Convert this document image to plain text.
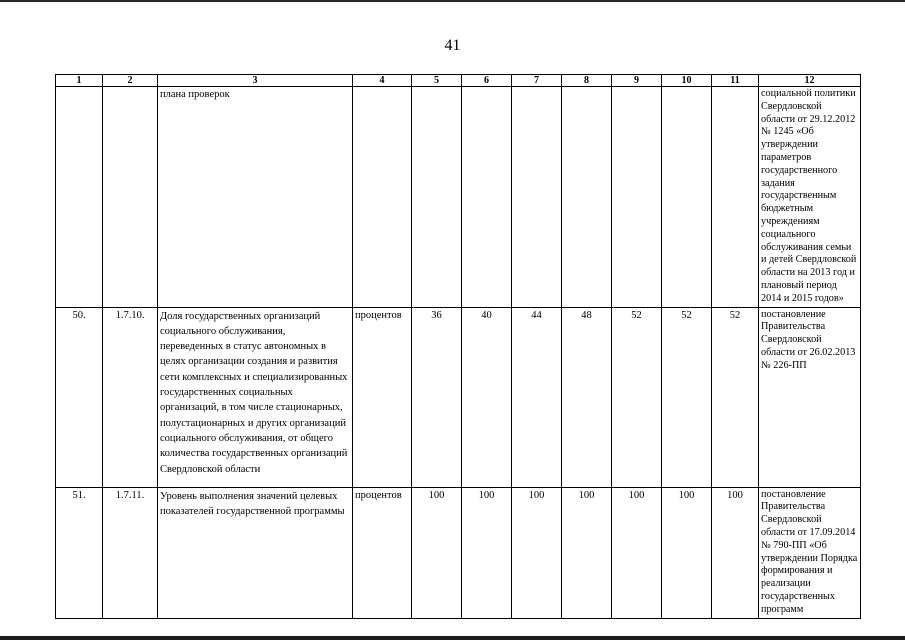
41
1	2	3	4	5	6	7	8	9	10	11	12
		плана проверок									социальной политики Свердловской области от 29.12.2012 № 1245 «Об утверждении параметров государственного задания государственным бюджетным учреждениям социального обслуживания семьи и детей Свердловской области на 2013 год и плановый период 2014 и 2015 годов»
50.	1.7.10.	Доля государственных организаций социального обслуживания, переведенных в статус автономных в целях организации создания и развития сети комплексных и специализированных государственных социальных организаций, в том числе стационарных, полустационарных и других организаций социального обслуживания, от общего количества государственных организаций Свердловской области	процентов	36	40	44	48	52	52	52	постановление Правительства Свердловской области от 26.02.2013 № 226-ПП
51.	1.7.11.	Уровень выполнения значений целевых показателей государственной программы	процентов	100	100	100	100	100	100	100	постановление Правительства Свердловской области от 17.09.2014 № 790-ПП «Об утверждении Порядка формирования и реализации государственных программ
